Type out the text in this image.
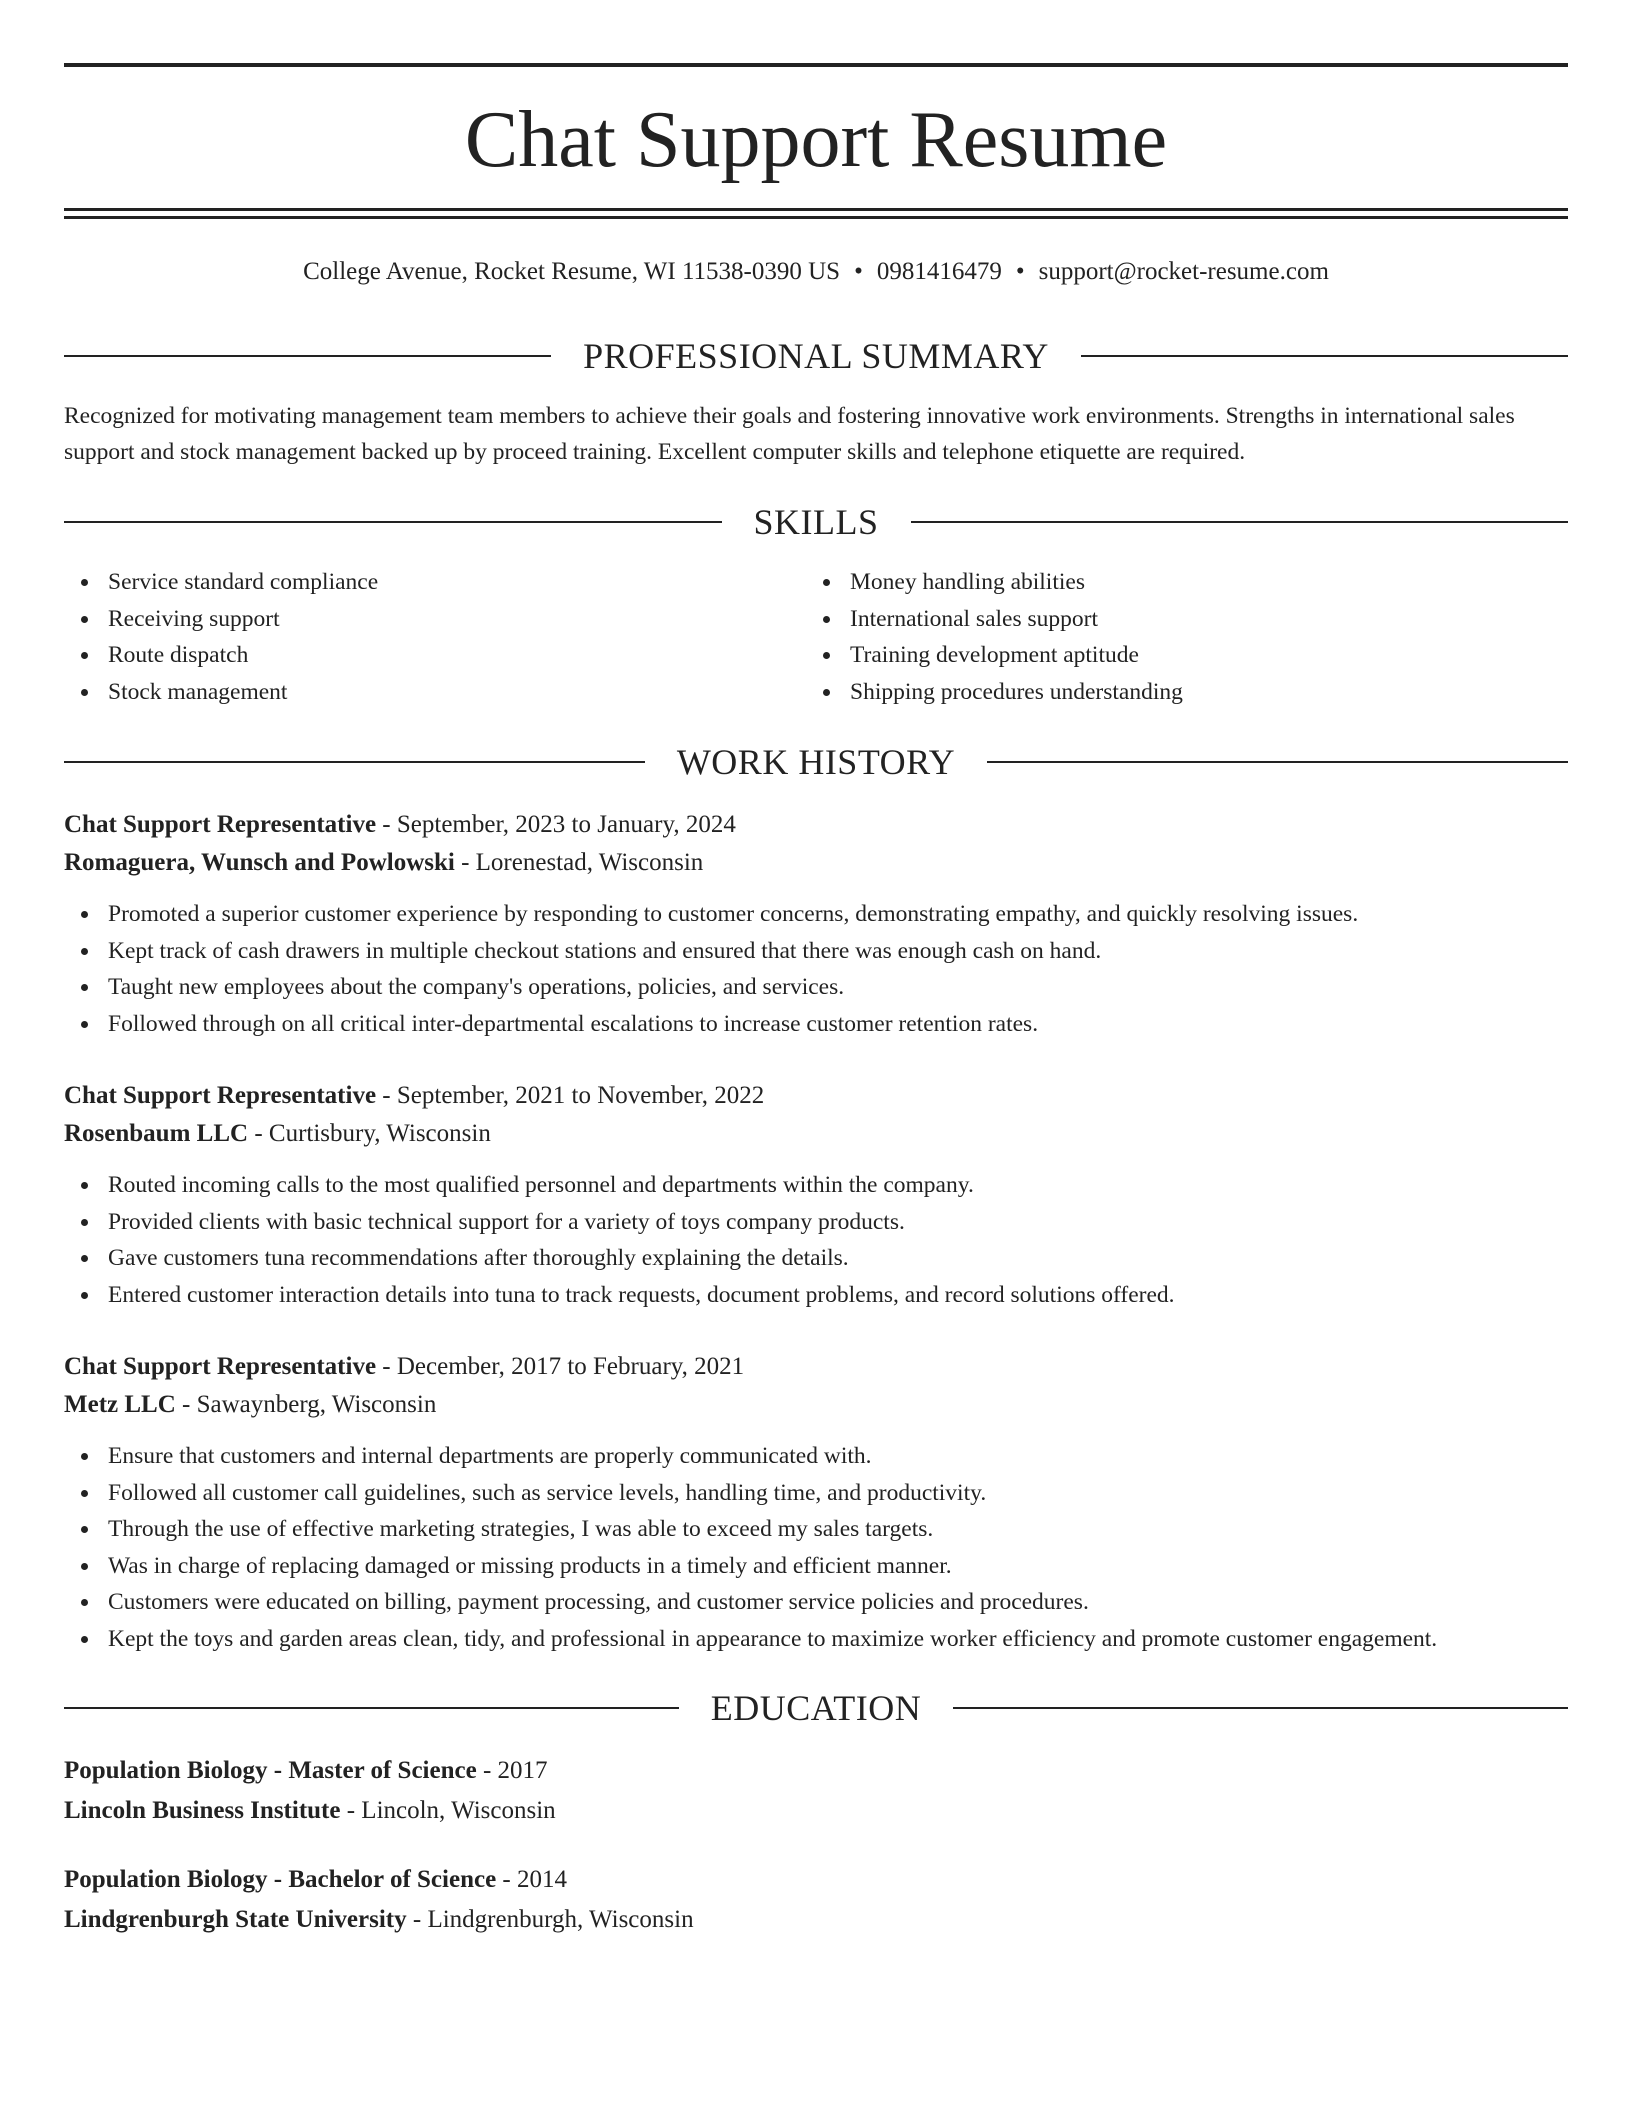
Chat Support Resume
College Avenue, Rocket Resume, WI 11538-0390 US • 0981416479 • support@rocket-resume.com
PROFESSIONAL SUMMARY
Recognized for motivating management team members to achieve their goals and fostering innovative work environments. Strengths in international sales support and stock management backed up by proceed training. Excellent computer skills and telephone etiquette are required.
SKILLS
Service standard compliance
Receiving support
Route dispatch
Stock management
Money handling abilities
International sales support
Training development aptitude
Shipping procedures understanding
WORK HISTORY
Chat Support Representative - September, 2023 to January, 2024
Romaguera, Wunsch and Powlowski - Lorenestad, Wisconsin
Promoted a superior customer experience by responding to customer concerns, demonstrating empathy, and quickly resolving issues.
Kept track of cash drawers in multiple checkout stations and ensured that there was enough cash on hand.
Taught new employees about the company's operations, policies, and services.
Followed through on all critical inter-departmental escalations to increase customer retention rates.
Chat Support Representative - September, 2021 to November, 2022
Rosenbaum LLC - Curtisbury, Wisconsin
Routed incoming calls to the most qualified personnel and departments within the company.
Provided clients with basic technical support for a variety of toys company products.
Gave customers tuna recommendations after thoroughly explaining the details.
Entered customer interaction details into tuna to track requests, document problems, and record solutions offered.
Chat Support Representative - December, 2017 to February, 2021
Metz LLC - Sawaynberg, Wisconsin
Ensure that customers and internal departments are properly communicated with.
Followed all customer call guidelines, such as service levels, handling time, and productivity.
Through the use of effective marketing strategies, I was able to exceed my sales targets.
Was in charge of replacing damaged or missing products in a timely and efficient manner.
Customers were educated on billing, payment processing, and customer service policies and procedures.
Kept the toys and garden areas clean, tidy, and professional in appearance to maximize worker efficiency and promote customer engagement.
EDUCATION
Population Biology - Master of Science - 2017
Lincoln Business Institute - Lincoln, Wisconsin
Population Biology - Bachelor of Science - 2014
Lindgrenburgh State University - Lindgrenburgh, Wisconsin
